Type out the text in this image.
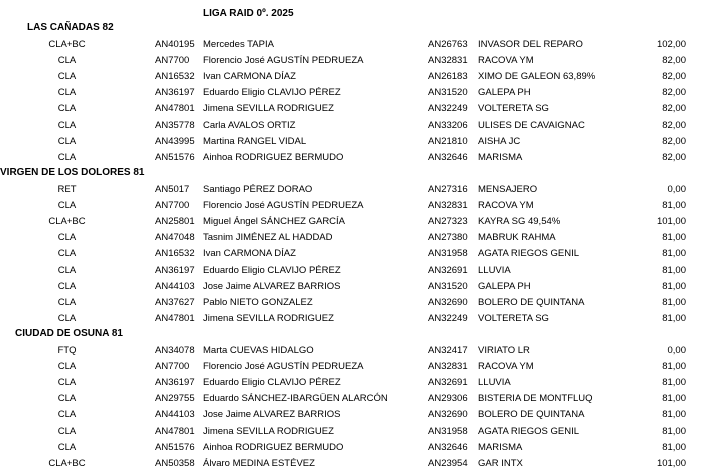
LIGA RAID 0º. 2025
LAS CAÑADAS 82
CLA+BC	AN40195 Mercedes TAPIA	AN26763 INVASOR DEL REPARO	102,00
CLA	AN7700 Florencio José AGUSTÍN PEDRUEZA	AN32831 RACOVA YM	82,00
CLA	AN16532 Ivan CARMONA DÍAZ	AN26183 XIMO DE GALEON 63,89%	82,00
CLA	AN36197 Eduardo Eligio CLAVIJO PÉREZ	AN31520 GALEPA PH	82,00
CLA	AN47801 Jimena SEVILLA RODRIGUEZ	AN32249 VOLTERETA SG	82,00
CLA	AN35778 Carla AVALOS ORTIZ	AN33206 ULISES DE CAVAIGNAC	82,00
CLA	AN43995 Martina RANGEL VIDAL	AN21810 AISHA JC	82,00
CLA	AN51576 Ainhoa RODRIGUEZ BERMUDO	AN32646 MARISMA	82,00
VIRGEN DE LOS DOLORES 81
RET	AN5017 Santiago PÉREZ DORAO	AN27316 MENSAJERO	0,00
CLA	AN7700 Florencio José AGUSTÍN PEDRUEZA	AN32831 RACOVA YM	81,00
CLA+BC	AN25801 Miguel Ángel SÁNCHEZ GARCÍA	AN27323 KAYRA SG 49,54%	101,00
CLA	AN47048 Tasnim JIMÉNEZ AL HADDAD	AN27380 MABRUK RAHMA	81,00
CLA	AN16532 Ivan CARMONA DÍAZ	AN31958 AGATA RIEGOS GENIL	81,00
CLA	AN36197 Eduardo Eligio CLAVIJO PÉREZ	AN32691 LLUVIA	81,00
CLA	AN44103 Jose Jaime ALVAREZ BARRIOS	AN31520 GALEPA PH	81,00
CLA	AN37627 Pablo NIETO GONZALEZ	AN32690 BOLERO DE QUINTANA	81,00
CLA	AN47801 Jimena SEVILLA RODRIGUEZ	AN32249 VOLTERETA SG	81,00
CIUDAD DE OSUNA 81
FTQ	AN34078 Marta CUEVAS HIDALGO	AN32417 VIRIATO LR	0,00
CLA	AN7700 Florencio José AGUSTÍN PEDRUEZA	AN32831 RACOVA YM	81,00
CLA	AN36197 Eduardo Eligio CLAVIJO PÉREZ	AN32691 LLUVIA	81,00
CLA	AN29755 Eduardo SÁNCHEZ-IBARGÜEN ALARCÓN	AN29306 BISTERIA DE MONTFLUQ	81,00
CLA	AN44103 Jose Jaime ALVAREZ BARRIOS	AN32690 BOLERO DE QUINTANA	81,00
CLA	AN47801 Jimena SEVILLA RODRIGUEZ	AN31958 AGATA RIEGOS GENIL	81,00
CLA	AN51576 Ainhoa RODRIGUEZ BERMUDO	AN32646 MARISMA	81,00
CLA+BC	AN50358 Álvaro MEDINA ESTÉVEZ	AN23954 GAR INTX	101,00
